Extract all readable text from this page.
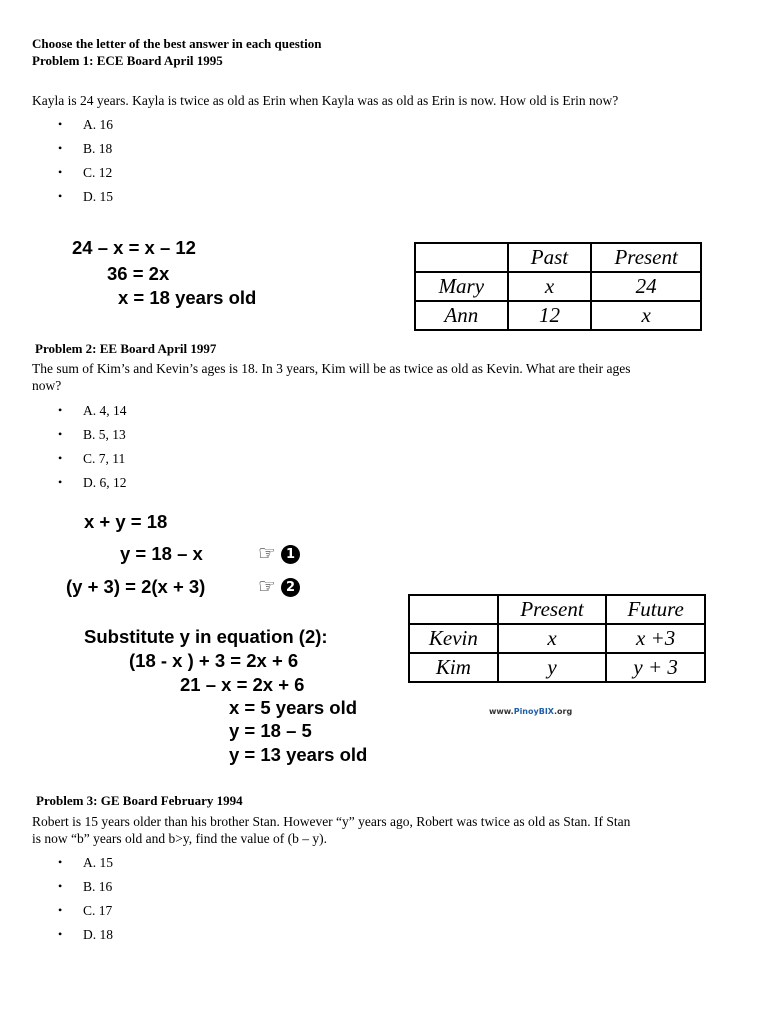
Choose the letter of the best answer in each question
Problem 1: ECE Board April 1995
Kayla is 24 years. Kayla is twice as old as Erin when Kayla was as old as Erin is now. How old is Erin now?
• A. 16
• B. 18
• C. 12
• D. 15
24 – x = x – 12
36 = 2x
x = 18 years old
	Past	Present
Mary	x	24
Ann	12	x
Problem 2: EE Board April 1997
The sum of Kim’s and Kevin’s ages is 18. In 3 years, Kim will be as twice as old as Kevin. What are their ages
now?
• A. 4, 14
• B. 5, 13
• C. 7, 11
• D. 6, 12
x + y = 18
y = 18 – x	☞ 1
(y + 3) = 2(x + 3)	☞ 2
Substitute y in equation (2):
(18 - x ) + 3 = 2x + 6
21 – x = 2x + 6
x = 5 years old
y = 18 – 5
y = 13 years old
	Present	Future
Kevin	x	x +3
Kim	y	y + 3
www.PinoyBIX.org
Problem 3: GE Board February 1994
Robert is 15 years older than his brother Stan. However “y” years ago, Robert was twice as old as Stan. If Stan
is now “b” years old and b>y, find the value of (b – y).
• A. 15
• B. 16
• C. 17
• D. 18
